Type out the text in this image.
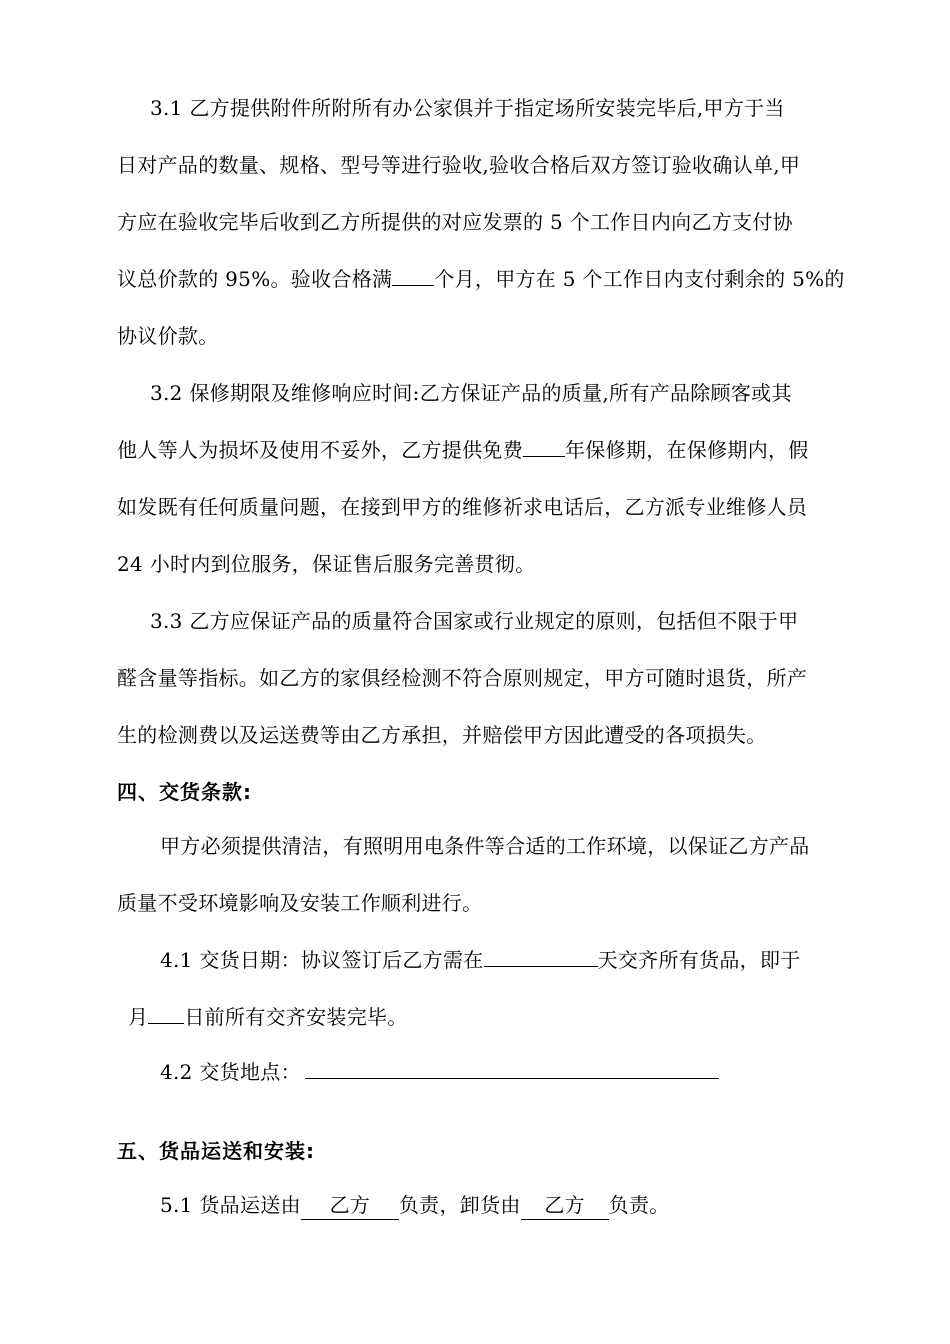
3.1 乙方提供附件所附所有办公家俱并于指定场所安装完毕后,甲方于当
日对产品的数量、规格、型号等进行验收,验收合格后双方签订验收确认单,甲
方应在验收完毕后收到乙方所提供的对应发票的 5 个工作日内向乙方支付协
议总价款的 95%。验收合格满 个月，甲方在 5 个工作日内支付剩余的 5%的
协议价款。
3.2 保修期限及维修响应时间:乙方保证产品的质量,所有产品除顾客或其
他人等人为损坏及使用不妥外，乙方提供免费 年保修期，在保修期内，假
如发既有任何质量问题，在接到甲方的维修祈求电话后，乙方派专业维修人员
24 小时内到位服务，保证售后服务完善贯彻。
3.3 乙方应保证产品的质量符合国家或行业规定的原则，包括但不限于甲
醛含量等指标。如乙方的家俱经检测不符合原则规定，甲方可随时退货，所产
生的检测费以及运送费等由乙方承担，并赔偿甲方因此遭受的各项损失。
四、交货条款:
甲方必须提供清洁，有照明用电条件等合适的工作环境，以保证乙方产品
质量不受环境影响及安装工作顺利进行。
4.1 交货日期：协议签订后乙方需在	天交齐所有货品，即于
月 日前所有交齐安装完毕。
4.2 交货地点：
五、货品运送和安装:
5.1 货品运送由 乙方 负责，卸货由 乙方 负责。
